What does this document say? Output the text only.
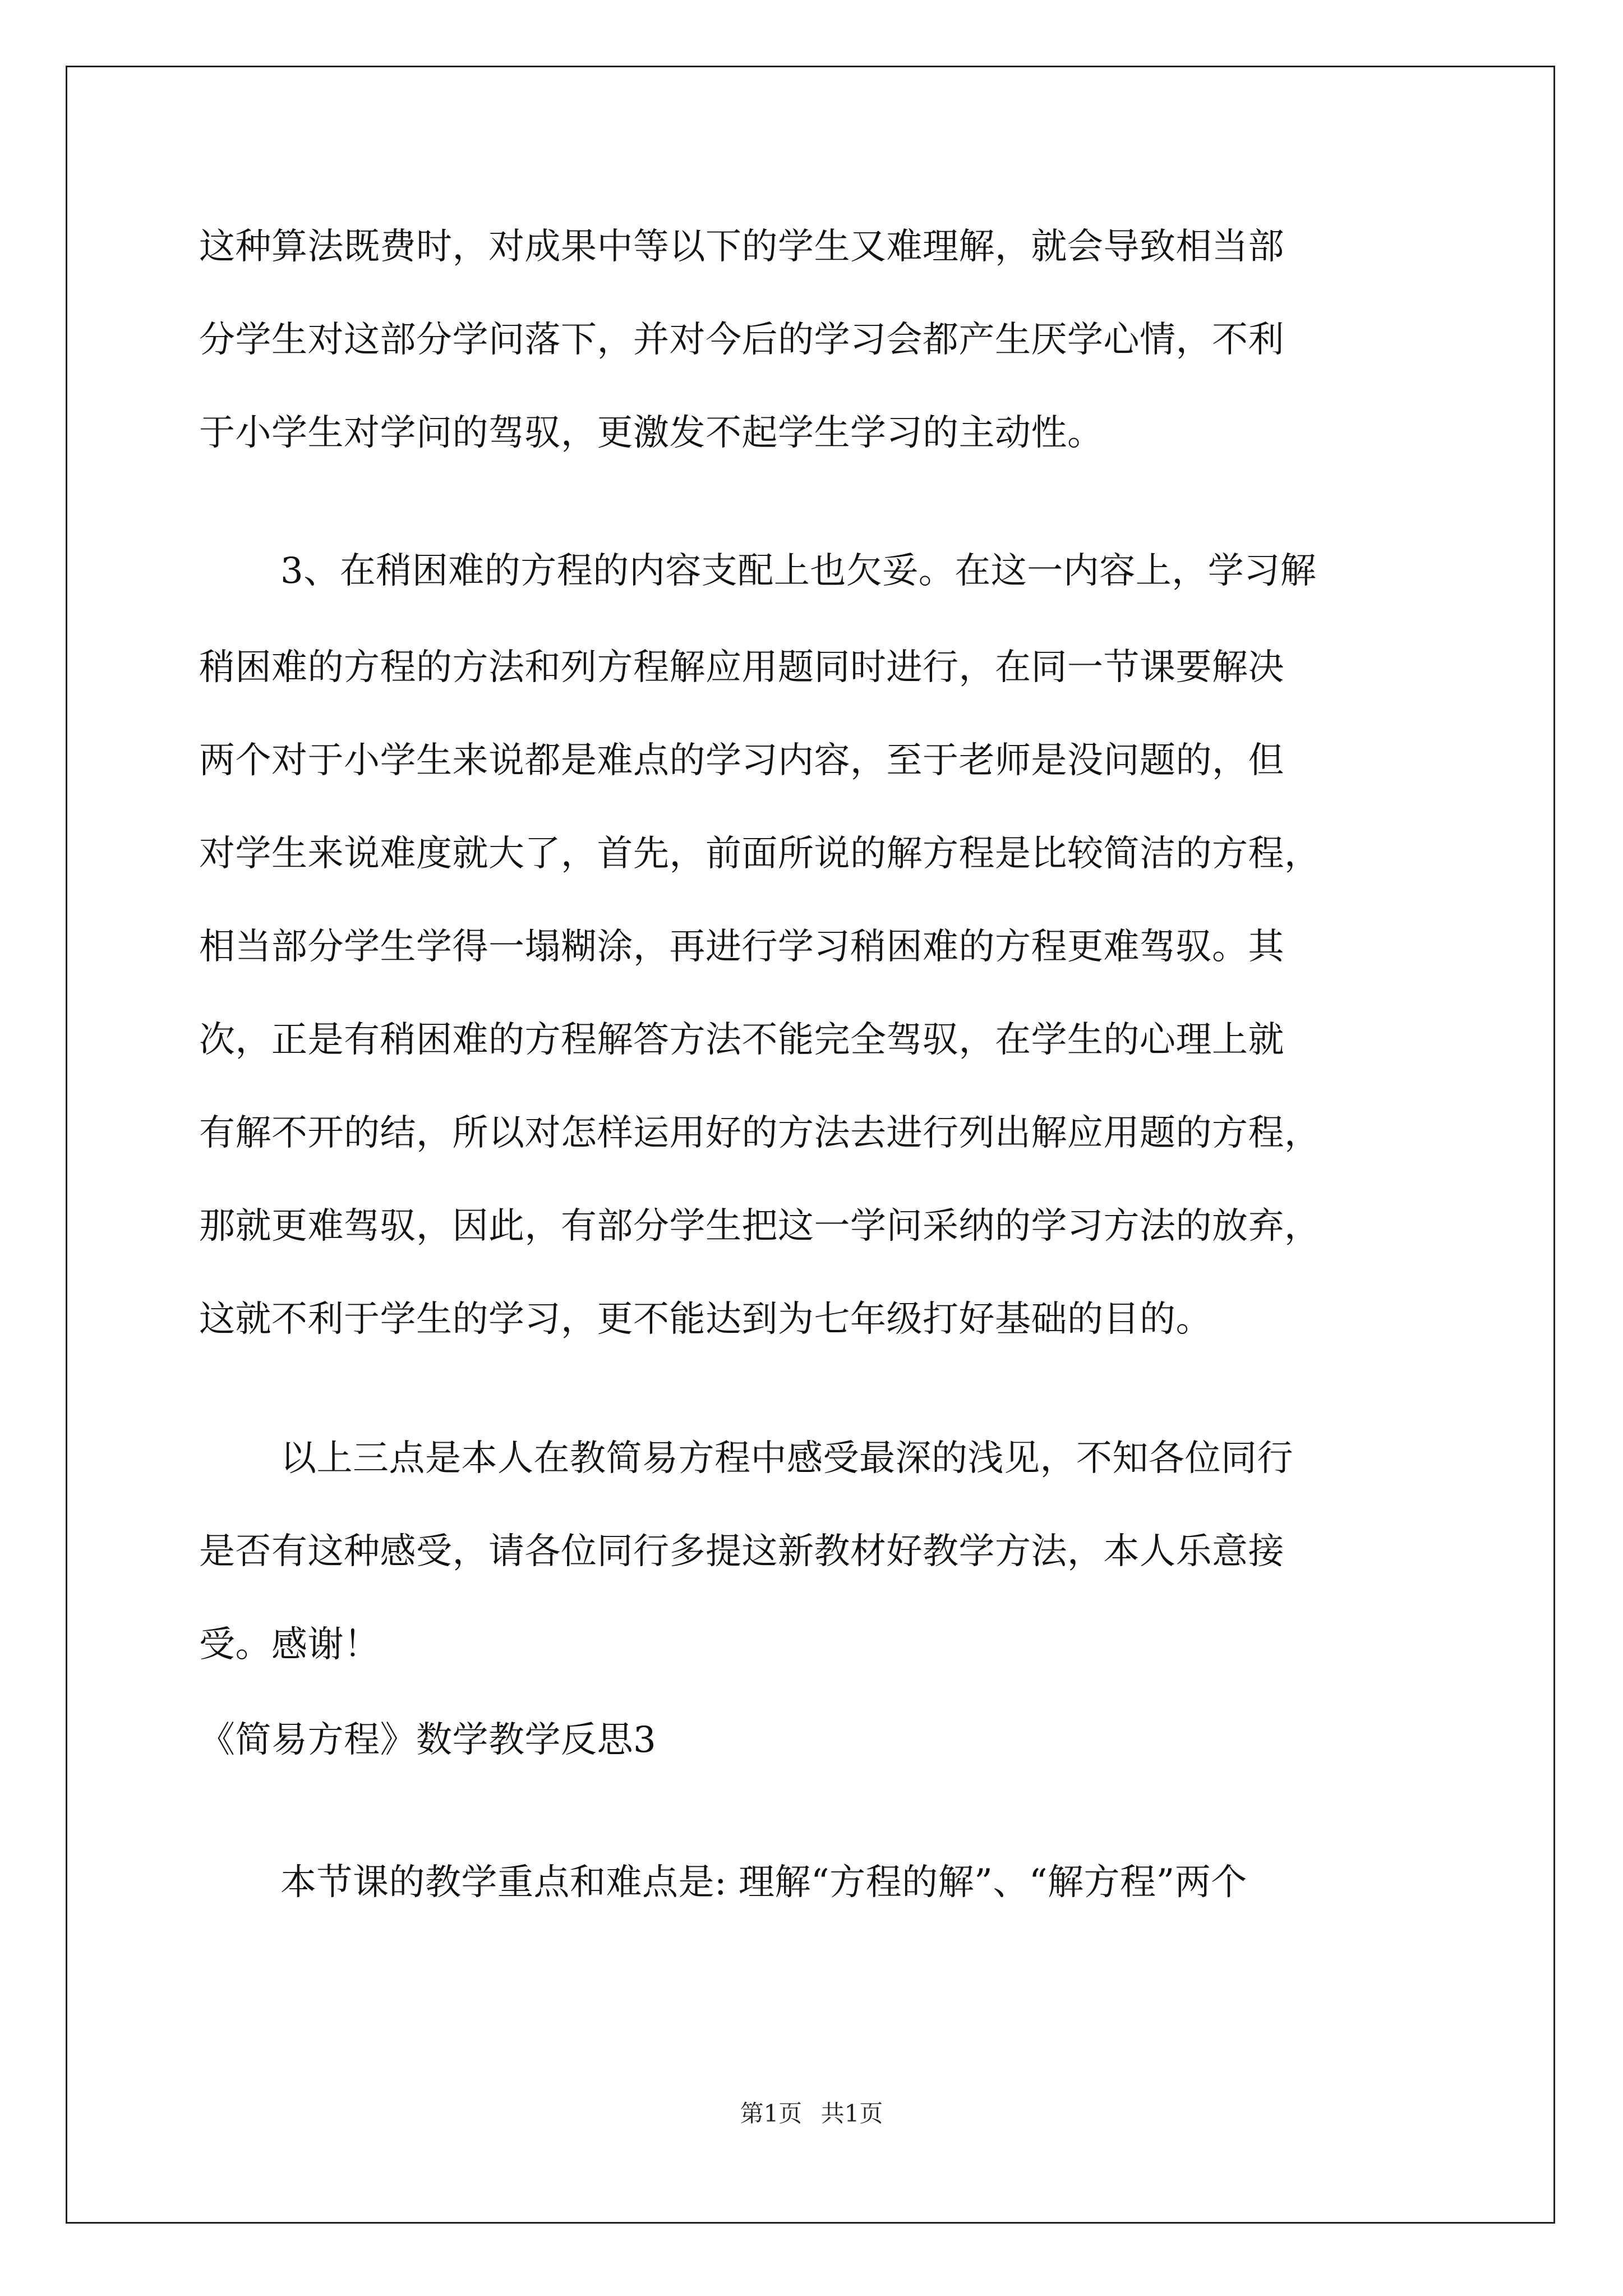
这种算法既费时，对成果中等以下的学生又难理解，就会导致相当部
分学生对这部分学问落下，并对今后的学习会都产生厌学心情，不利
于小学生对学问的驾驭，更激发不起学生学习的主动性。
3、在稍困难的方程的内容支配上也欠妥。在这一内容上，学习解
稍困难的方程的方法和列方程解应用题同时进行，在同一节课要解决
两个对于小学生来说都是难点的学习内容，至于老师是没问题的，但
对学生来说难度就大了，首先，前面所说的解方程是比较简洁的方程，
相当部分学生学得一塌糊涂，再进行学习稍困难的方程更难驾驭。其
次，正是有稍困难的方程解答方法不能完全驾驭，在学生的心理上就
有解不开的结，所以对怎样运用好的方法去进行列出解应用题的方程，
那就更难驾驭，因此，有部分学生把这一学问采纳的学习方法的放弃，
这就不利于学生的学习，更不能达到为七年级打好基础的目的。
以上三点是本人在教简易方程中感受最深的浅见，不知各位同行
是否有这种感受，请各位同行多提这新教材好教学方法，本人乐意接
受。感谢！
《简易方程》数学教学反思3
本节课的教学重点和难点是: 理解“方程的解”、“解方程”两个
第1页 共1页
